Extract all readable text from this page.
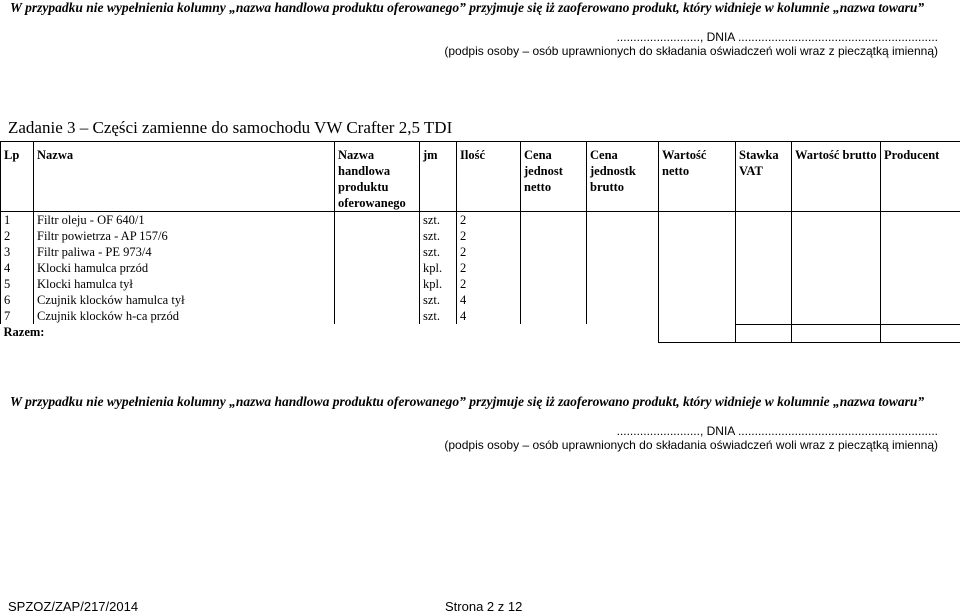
W przypadku nie wypełnienia kolumny „nazwa handlowa produktu oferowanego” przyjmuje się iż zaoferowano produkt, który widnieje w kolumnie „nazwa towaru”
........................., DNIA ............................................................
(podpis osoby – osób uprawnionych do składania oświadczeń woli wraz z pieczątką imienną)
Zadanie 3 – Części zamienne do samochodu VW Crafter 2,5 TDI
Lp	Nazwa	Nazwa handlowa produktu oferowanego	jm	Ilość	Cena jednost netto	Cena jednostk brutto	Wartość netto	Stawka VAT	Wartość brutto	Producent
1	Filtr oleju - OF 640/1		szt.	2						
2	Filtr powietrza - AP 157/6		szt.	2						
3	Filtr paliwa - PE 973/4		szt.	2						
4	Klocki hamulca przód		kpl.	2						
5	Klocki hamulca tył		kpl.	2						
6	Czujnik klocków hamulca tył		szt.	4						
7	Czujnik klocków h-ca przód		szt.	4						
Razem:										
W przypadku nie wypełnienia kolumny „nazwa handlowa produktu oferowanego” przyjmuje się iż zaoferowano produkt, który widnieje w kolumnie „nazwa towaru”
........................., DNIA ............................................................
(podpis osoby – osób uprawnionych do składania oświadczeń woli wraz z pieczątką imienną)
SPZOZ/ZAP/217/2014	Strona 2 z 12
